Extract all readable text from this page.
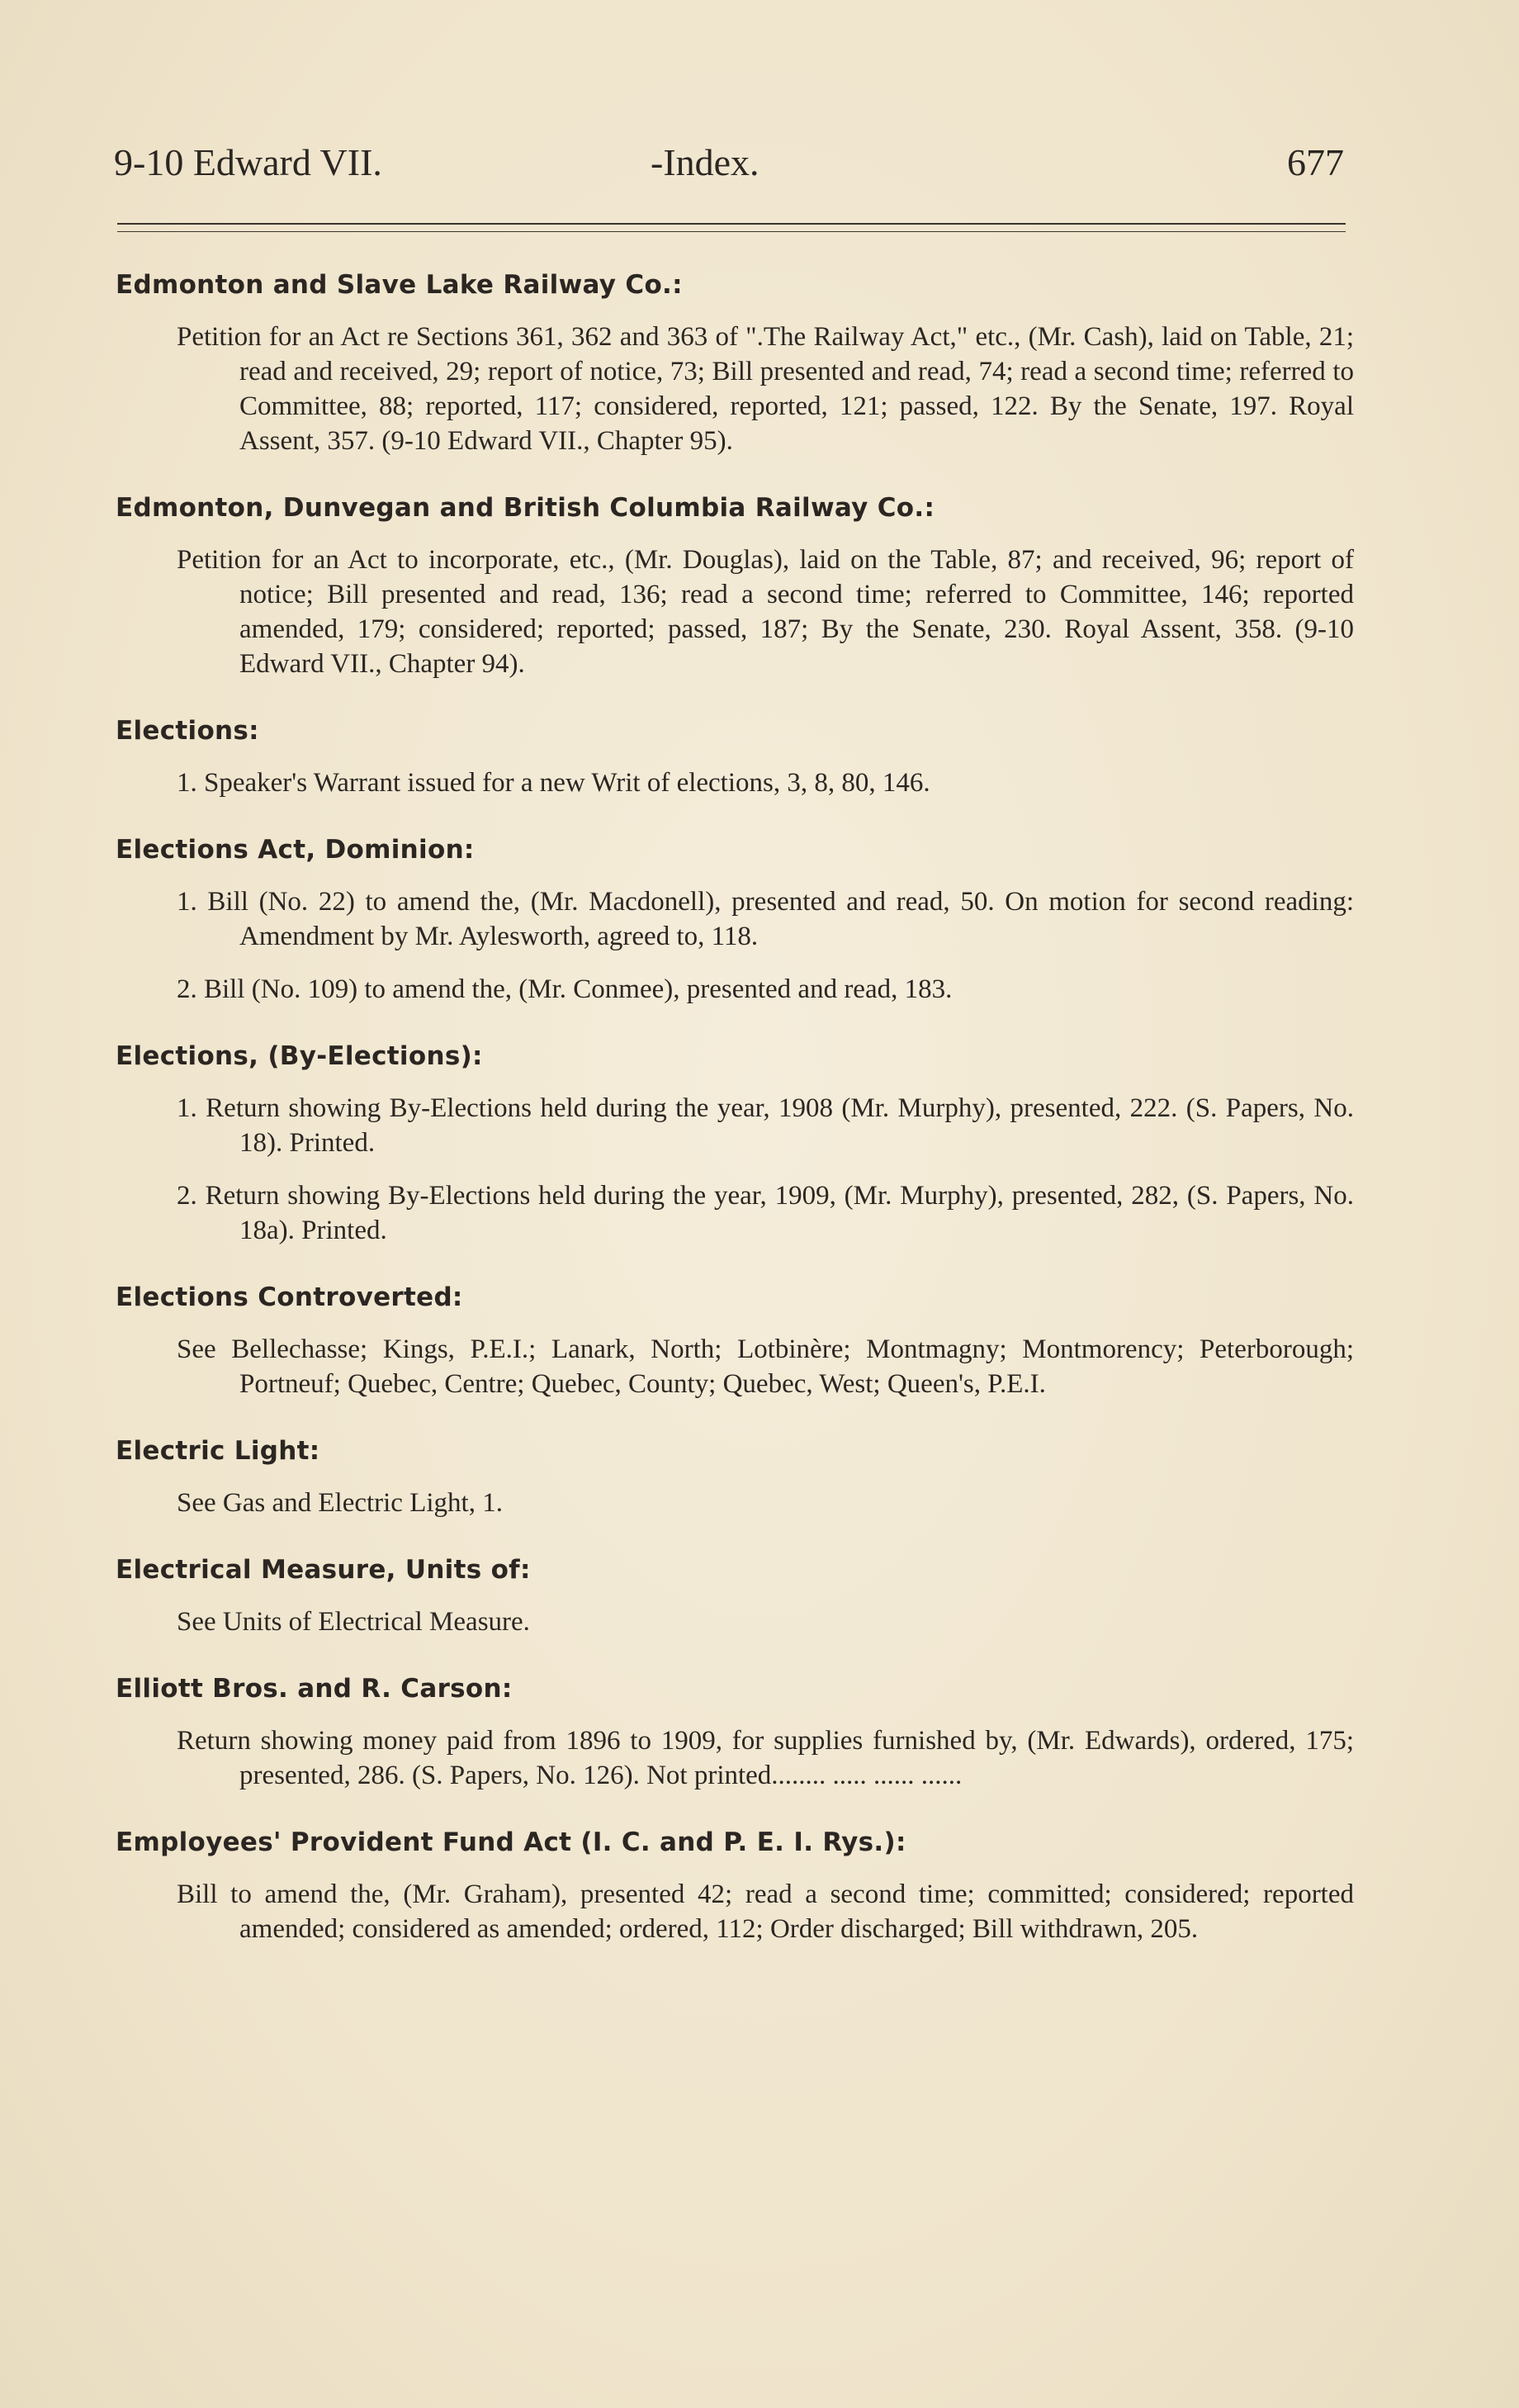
9-10 Edward VII.	-Index.	677
Edmonton and Slave Lake Railway Co.:
Petition for an Act re Sections 361, 362 and 363 of ".The Railway Act," etc., (Mr. Cash), laid on Table, 21; read and received, 29; report of notice, 73; Bill presented and read, 74; read a second time; referred to Committee, 88; reported, 117; considered, reported, 121; passed, 122. By the Senate, 197. Royal Assent, 357. (9-10 Edward VII., Chapter 95).
Edmonton, Dunvegan and British Columbia Railway Co.:
Petition for an Act to incorporate, etc., (Mr. Douglas), laid on the Table, 87; and received, 96; report of notice; Bill presented and read, 136; read a second time; referred to Committee, 146; reported amended, 179; considered; reported; passed, 187; By the Senate, 230. Royal Assent, 358. (9-10 Edward VII., Chapter 94).
Elections:
1. Speaker's Warrant issued for a new Writ of elections, 3, 8, 80, 146.
Elections Act, Dominion:
1. Bill (No. 22) to amend the, (Mr. Macdonell), presented and read, 50. On motion for second reading: Amendment by Mr. Aylesworth, agreed to, 118.
2. Bill (No. 109) to amend the, (Mr. Conmee), presented and read, 183.
Elections, (By-Elections):
1. Return showing By-Elections held during the year, 1908 (Mr. Murphy), presented, 222. (S. Papers, No. 18). Printed.
2. Return showing By-Elections held during the year, 1909, (Mr. Murphy), presented, 282, (S. Papers, No. 18a). Printed.
Elections Controverted:
See Bellechasse; Kings, P.E.I.; Lanark, North; Lotbinère; Montmagny; Montmorency; Peterborough; Portneuf; Quebec, Centre; Quebec, County; Quebec, West; Queen's, P.E.I.
Electric Light:
See Gas and Electric Light, 1.
Electrical Measure, Units of:
See Units of Electrical Measure.
Elliott Bros. and R. Carson:
Return showing money paid from 1896 to 1909, for supplies furnished by, (Mr. Edwards), ordered, 175; presented, 286. (S. Papers, No. 126). Not printed........ ..... ...... ......
Employees' Provident Fund Act (I. C. and P. E. I. Rys.):
Bill to amend the, (Mr. Graham), presented 42; read a second time; committed; considered; reported amended; considered as amended; ordered, 112; Order discharged; Bill withdrawn, 205.
